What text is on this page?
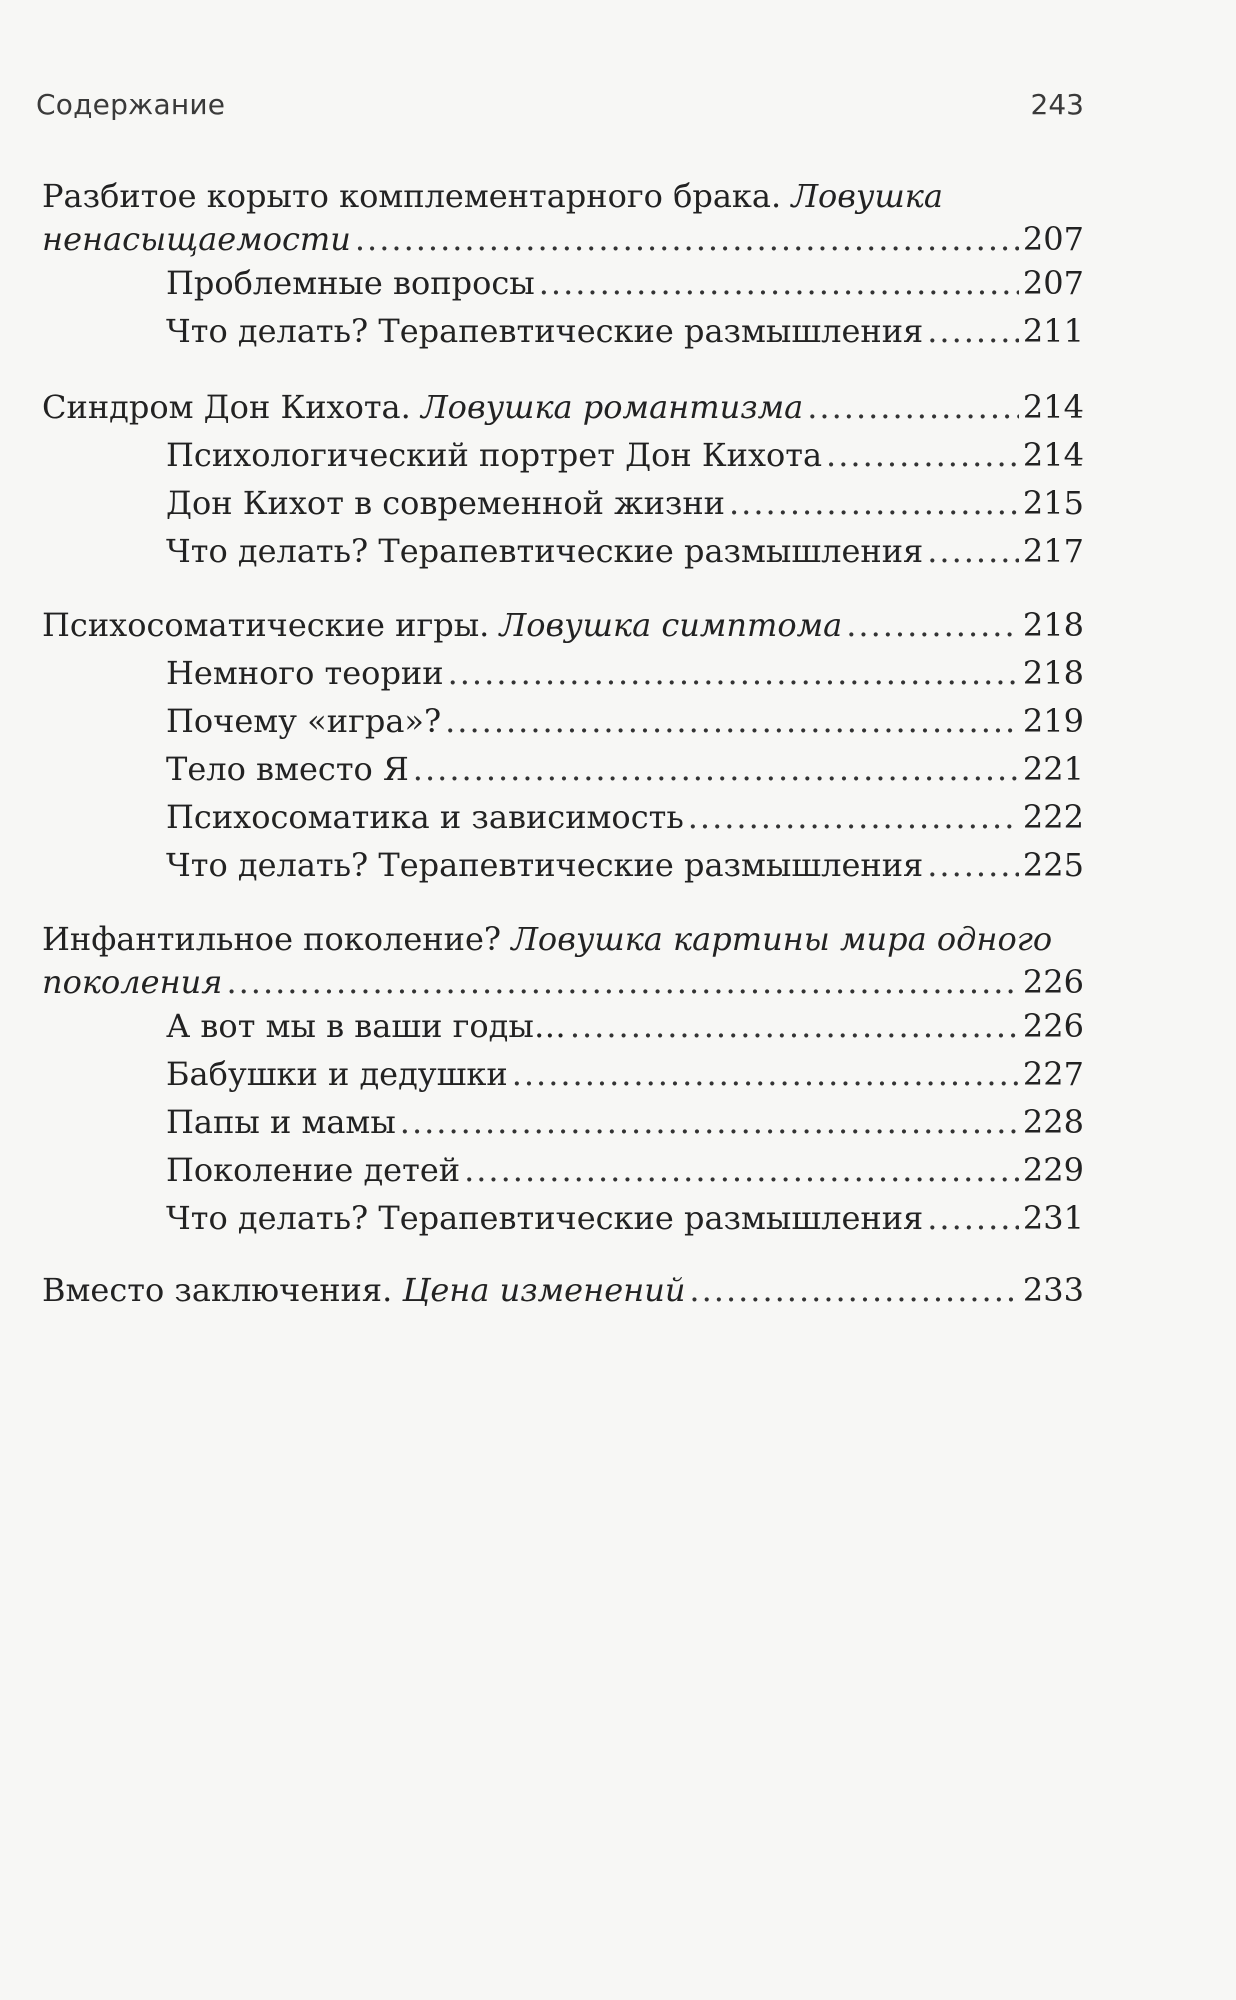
Содержание	243
Разбитое корыто комплементарного брака. Ловушка
ненасыщаемости .....	207
Проблемные вопросы .....	207
Что делать? Терапевтические размышления .....	211
Синдром Дон Кихота.
Ловушка романтизма .....	214
Психологический портрет Дон Кихота .....	214
Дон Кихот в современной жизни .....	215
Что делать? Терапевтические размышления .....	217
Психосоматические игры.
Ловушка симптома .....	218
Немного теории .....	218
Почему «игра»? .....	219
Тело вместо Я .....	221
Психосоматика и зависимость .....	222
Что делать? Терапевтические размышления .....	225
Инфантильное поколение? Ловушка картины мира одного
поколения .....	226
А вот мы в ваши годы… .....	226
Бабушки и дедушки .....	227
Папы и мамы .....	228
Поколение детей .....	229
Что делать? Терапевтические размышления .....	231
Вместо заключения.
Цена изменений .....	233
